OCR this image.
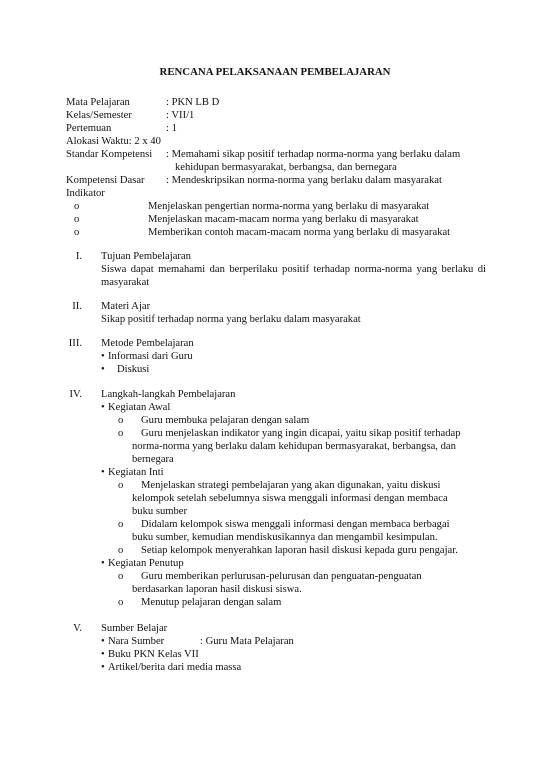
RENCANA PELAKSANAAN PEMBELAJARAN
Mata Pelajaran	: PKN LB D
Kelas/Semester	: VII/1
Pertemuan	: 1
Alokasi Waktu: 2 x 40
Standar Kompetensi : Memahami sikap positif terhadap norma-norma yang berlaku dalam
kehidupan bermasyarakat, berbangsa, dan bernegara
Kompetensi Dasar : Mendeskripsikan norma-norma yang berlaku dalam masyarakat
Indikator
o	Menjelaskan pengertian norma-norma yang berlaku di masyarakat
o	Menjelaskan macam-macam norma yang berlaku di masyarakat
o	Memberikan contoh macam-macam norma yang berlaku di masyarakat
I. Tujuan Pembelajaran
Siswa dapat memahami dan berperilaku positif terhadap norma-norma yang berlaku di masyarakat
II. Materi Ajar
Sikap positif terhadap norma yang berlaku dalam masyarakat
III. Metode Pembelajaran
• Informasi dari Guru
• Diskusi
IV. Langkah-langkah Pembelajaran
• Kegiatan Awal
o	Guru membuka pelajaran dengan salam
o	Guru menjelaskan indikator yang ingin dicapai, yaitu sikap positif terhadap
norma-norma yang berlaku dalam kehidupan bermasyarakat, berbangsa, dan
bernegara
• Kegiatan Inti
o	Menjelaskan strategi pembelajaran yang akan digunakan, yaitu diskusi
kelompok setelah sebelumnya siswa menggali informasi dengan membaca
buku sumber
o	Didalam kelompok siswa menggali informasi dengan membaca berbagai
buku sumber, kemudian mendiskusikannya dan mengambil kesimpulan.
o	Setiap kelompok menyerahkan laporan hasil diskusi kepada guru pengajar.
• Kegiatan Penutup
o	Guru memberikan perlurusan-pelurusan dan penguatan-penguatan
berdasarkan laporan hasil diskusi siswa.
o	Menutup pelajaran dengan salam
V. Sumber Belajar
• Nara Sumber	: Guru Mata Pelajaran
• Buku PKN Kelas VII
• Artikel/berita dari media massa
